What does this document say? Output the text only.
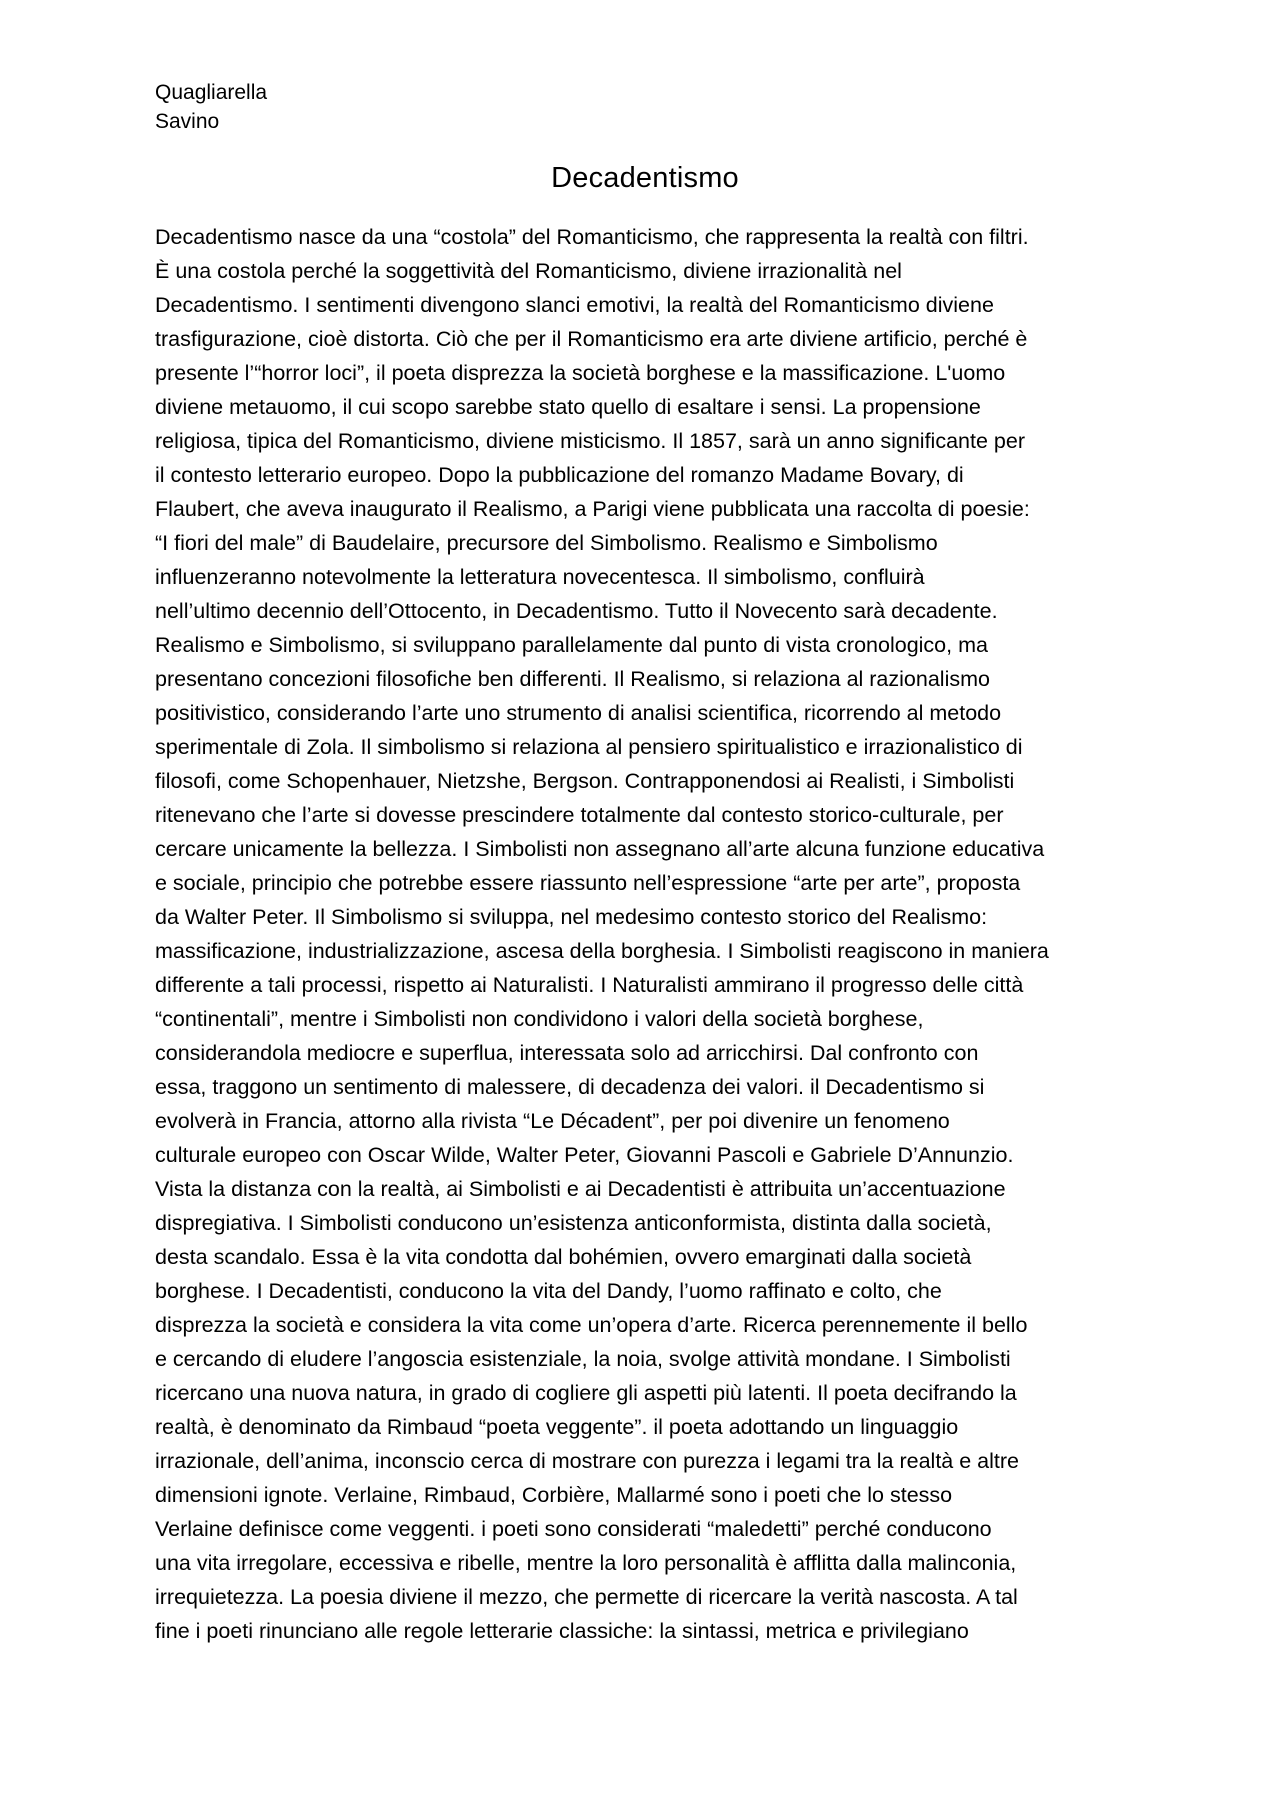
Quagliarella
Savino
Decadentismo
Decadentismo nasce da una “costola” del Romanticismo, che rappresenta la realtà con filtri.
È una costola perché la soggettività del Romanticismo, diviene irrazionalità nel
Decadentismo. I sentimenti divengono slanci emotivi, la realtà del Romanticismo diviene
trasfigurazione, cioè distorta. Ciò che per il Romanticismo era arte diviene artificio, perché è
presente l’“horror loci”, il poeta disprezza la società borghese e la massificazione. L'uomo
diviene metauomo, il cui scopo sarebbe stato quello di esaltare i sensi. La propensione
religiosa, tipica del Romanticismo, diviene misticismo. Il 1857, sarà un anno significante per
il contesto letterario europeo. Dopo la pubblicazione del romanzo Madame Bovary, di
Flaubert, che aveva inaugurato il Realismo, a Parigi viene pubblicata una raccolta di poesie:
“I fiori del male” di Baudelaire, precursore del Simbolismo. Realismo e Simbolismo
influenzeranno notevolmente la letteratura novecentesca. Il simbolismo, confluirà
nell’ultimo decennio dell’Ottocento, in Decadentismo. Tutto il Novecento sarà decadente.
Realismo e Simbolismo, si sviluppano parallelamente dal punto di vista cronologico, ma
presentano concezioni filosofiche ben differenti. Il Realismo, si relaziona al razionalismo
positivistico, considerando l’arte uno strumento di analisi scientifica, ricorrendo al metodo
sperimentale di Zola. Il simbolismo si relaziona al pensiero spiritualistico e irrazionalistico di
filosofi, come Schopenhauer, Nietzshe, Bergson. Contrapponendosi ai Realisti, i Simbolisti
ritenevano che l’arte si dovesse prescindere totalmente dal contesto storico-culturale, per
cercare unicamente la bellezza. I Simbolisti non assegnano all’arte alcuna funzione educativa
e sociale, principio che potrebbe essere riassunto nell’espressione “arte per arte”, proposta
da Walter Peter. Il Simbolismo si sviluppa, nel medesimo contesto storico del Realismo:
massificazione, industrializzazione, ascesa della borghesia. I Simbolisti reagiscono in maniera
differente a tali processi, rispetto ai Naturalisti. I Naturalisti ammirano il progresso delle città
“continentali”, mentre i Simbolisti non condividono i valori della società borghese,
considerandola mediocre e superflua, interessata solo ad arricchirsi. Dal confronto con
essa, traggono un sentimento di malessere, di decadenza dei valori. il Decadentismo si
evolverà in Francia, attorno alla rivista “Le Décadent”, per poi divenire un fenomeno
culturale europeo con Oscar Wilde, Walter Peter, Giovanni Pascoli e Gabriele D’Annunzio.
Vista la distanza con la realtà, ai Simbolisti e ai Decadentisti è attribuita un’accentuazione
dispregiativa. I Simbolisti conducono un’esistenza anticonformista, distinta dalla società,
desta scandalo. Essa è la vita condotta dal bohémien, ovvero emarginati dalla società
borghese. I Decadentisti, conducono la vita del Dandy, l’uomo raffinato e colto, che
disprezza la società e considera la vita come un’opera d’arte. Ricerca perennemente il bello
e cercando di eludere l’angoscia esistenziale, la noia, svolge attività mondane. I Simbolisti
ricercano una nuova natura, in grado di cogliere gli aspetti più latenti. Il poeta decifrando la
realtà, è denominato da Rimbaud “poeta veggente”. il poeta adottando un linguaggio
irrazionale, dell’anima, inconscio cerca di mostrare con purezza i legami tra la realtà e altre
dimensioni ignote. Verlaine, Rimbaud, Corbière, Mallarmé sono i poeti che lo stesso
Verlaine definisce come veggenti. i poeti sono considerati “maledetti” perché conducono
una vita irregolare, eccessiva e ribelle, mentre la loro personalità è afflitta dalla malinconia,
irrequietezza. La poesia diviene il mezzo, che permette di ricercare la verità nascosta. A tal
fine i poeti rinunciano alle regole letterarie classiche: la sintassi, metrica e privilegiano
